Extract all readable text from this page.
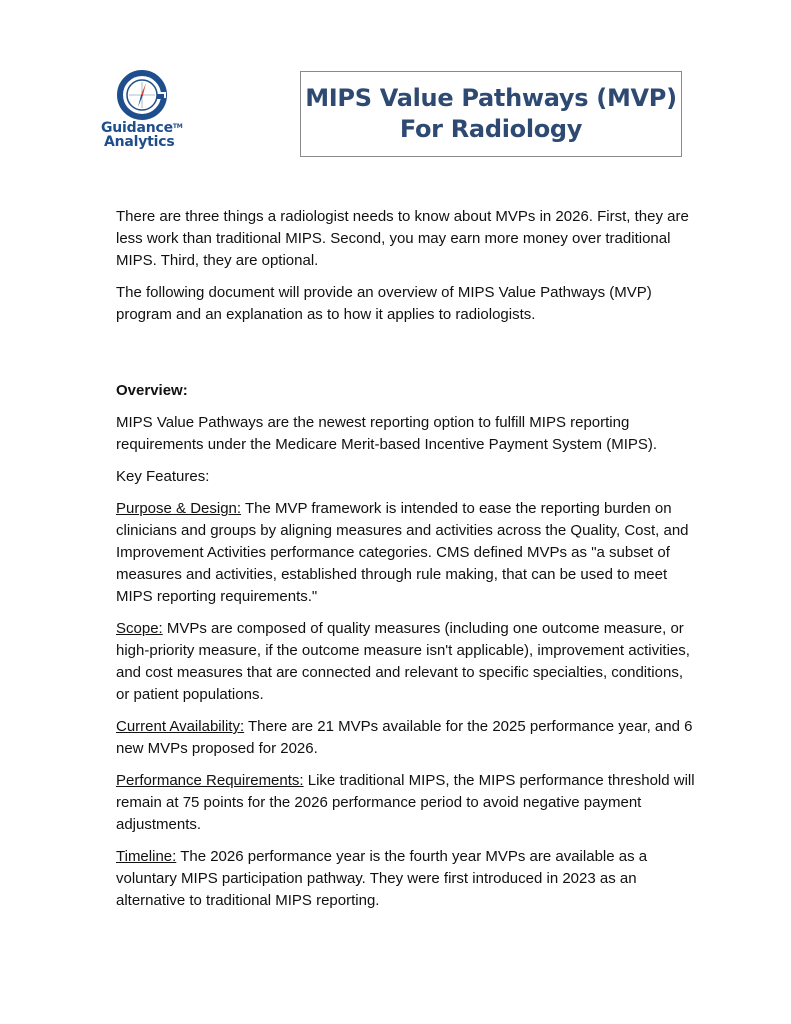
Guidance™
Analytics
MIPS Value Pathways (MVP)
For Radiology

There are three things a radiologist needs to know about MVPs in 2026. First, they are less work than traditional MIPS. Second, you may earn more money over traditional MIPS. Third, they are optional.

The following document will provide an overview of MIPS Value Pathways (MVP) program and an explanation as to how it applies to radiologists.

Overview:

MIPS Value Pathways are the newest reporting option to fulfill MIPS reporting requirements under the Medicare Merit-based Incentive Payment System (MIPS).

Key Features:

Purpose & Design: The MVP framework is intended to ease the reporting burden on clinicians and groups by aligning measures and activities across the Quality, Cost, and Improvement Activities performance categories. CMS defined MVPs as "a subset of measures and activities, established through rule making, that can be used to meet MIPS reporting requirements."

Scope: MVPs are composed of quality measures (including one outcome measure, or high-priority measure, if the outcome measure isn't applicable), improvement activities, and cost measures that are connected and relevant to specific specialties, conditions, or patient populations.

Current Availability: There are 21 MVPs available for the 2025 performance year, and 6 new MVPs proposed for 2026.

Performance Requirements: Like traditional MIPS, the MIPS performance threshold will remain at 75 points for the 2026 performance period to avoid negative payment adjustments.

Timeline: The 2026 performance year is the fourth year MVPs are available as a voluntary MIPS participation pathway. They were first introduced in 2023 as an alternative to traditional MIPS reporting.
